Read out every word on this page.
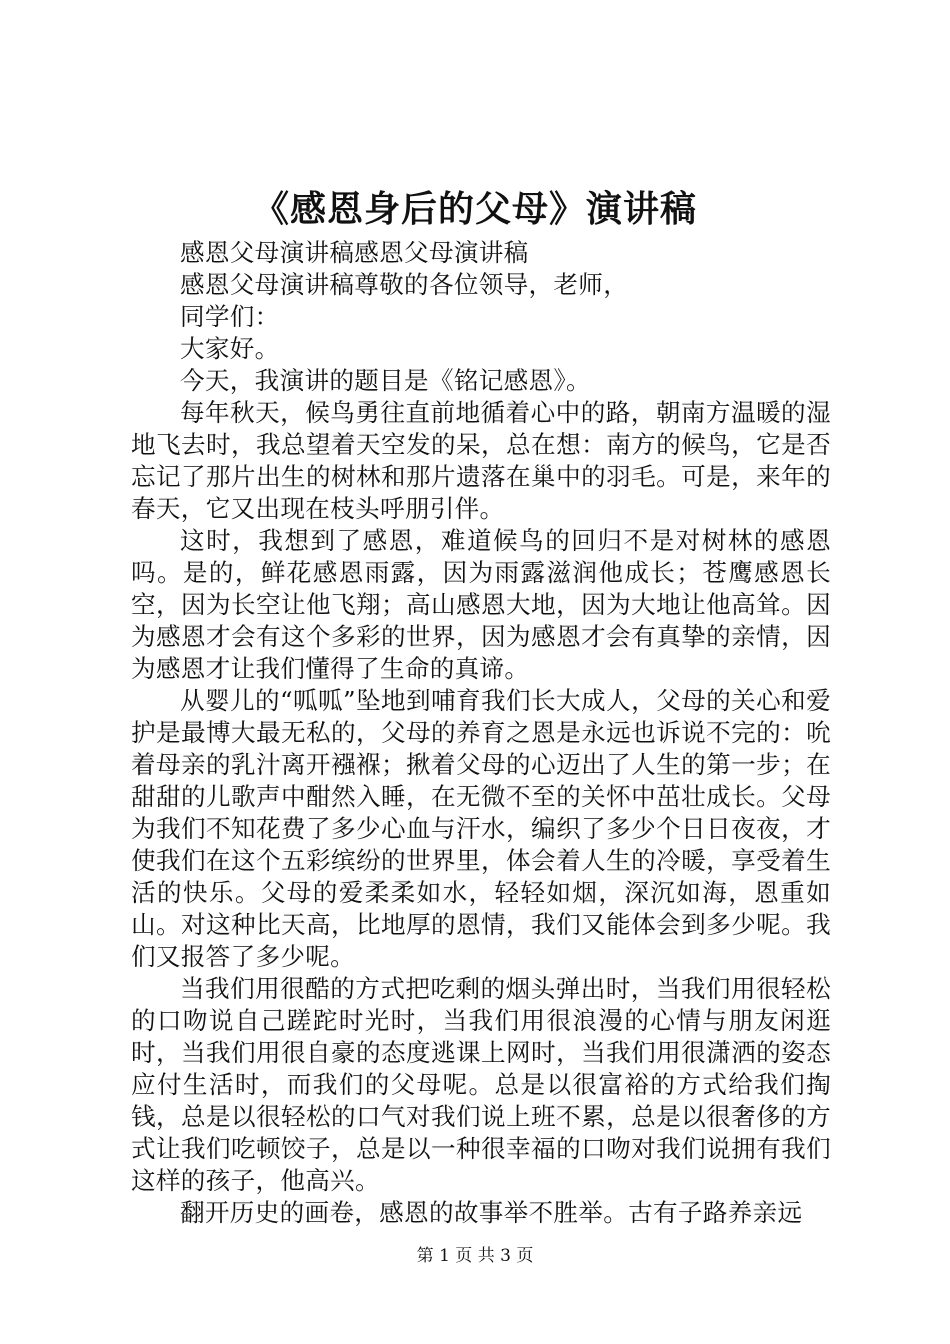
《感恩身后的父母》演讲稿

感恩父母演讲稿感恩父母演讲稿

感恩父母演讲稿尊敬的各位领导，老师，

同学们：

大家好。

今天，我演讲的题目是《铭记感恩》。

每年秋天，候鸟勇往直前地循着心中的路，朝南方温暖的湿地飞去时，我总望着天空发的呆，总在想：南方的候鸟，它是否忘记了那片出生的树林和那片遗落在巢中的羽毛。可是，来年的春天，它又出现在枝头呼朋引伴。

这时，我想到了感恩，难道候鸟的回归不是对树林的感恩吗。是的，鲜花感恩雨露，因为雨露滋润他成长；苍鹰感恩长空，因为长空让他飞翔；高山感恩大地，因为大地让他高耸。因为感恩才会有这个多彩的世界，因为感恩才会有真挚的亲情，因为感恩才让我们懂得了生命的真谛。

从婴儿的“呱呱”坠地到哺育我们长大成人，父母的关心和爱护是最博大最无私的，父母的养育之恩是永远也诉说不完的：吮着母亲的乳汁离开襁褓；揪着父母的心迈出了人生的第一步；在甜甜的儿歌声中酣然入睡，在无微不至的关怀中茁壮成长。父母为我们不知花费了多少心血与汗水，编织了多少个日日夜夜，才使我们在这个五彩缤纷的世界里，体会着人生的冷暖，享受着生活的快乐。父母的爱柔柔如水，轻轻如烟，深沉如海，恩重如山。对这种比天高，比地厚的恩情，我们又能体会到多少呢。我们又报答了多少呢。

当我们用很酷的方式把吃剩的烟头弹出时，当我们用很轻松的口吻说自己蹉跎时光时，当我们用很浪漫的心情与朋友闲逛时，当我们用很自豪的态度逃课上网时，当我们用很潇洒的姿态应付生活时，而我们的父母呢。总是以很富裕的方式给我们掏钱，总是以很轻松的口气对我们说上班不累，总是以很奢侈的方式让我们吃顿饺子，总是以一种很幸福的口吻对我们说拥有我们这样的孩子，他高兴。

翻开历史的画卷，感恩的故事举不胜举。古有子路养亲远

第 1 页 共 3 页
